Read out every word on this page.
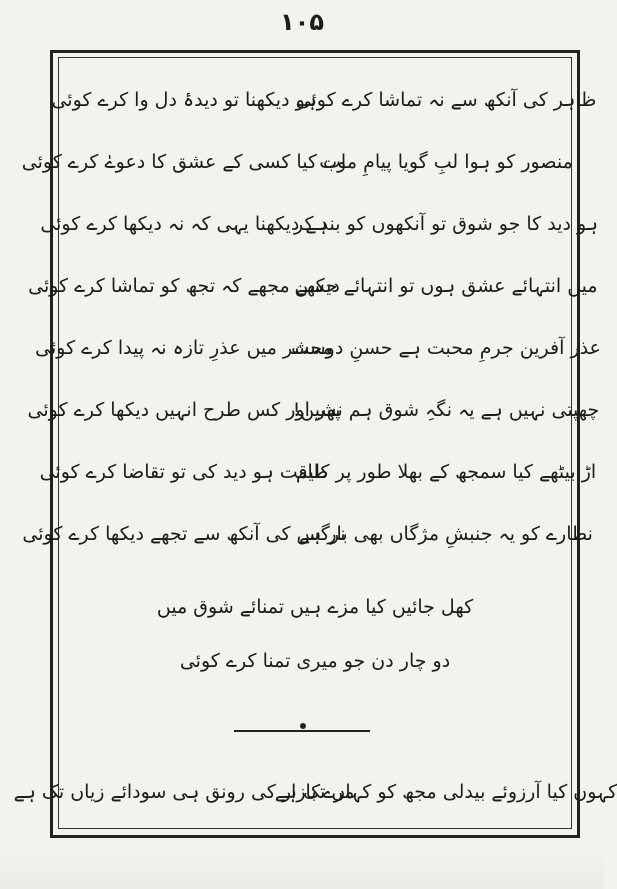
۱۰۵
ظاہر کی آنکھ سے نہ تماشا کرے کوئی
ہو دیکھنا تو دیدۂ دل وا کرے کوئی
منصور کو ہوا لبِ گویا پیامِ موت
اب کیا کسی کے عشق کا دعوےٰ کرے کوئی
ہو دید کا جو شوق تو آنکھوں کو بند کر
ہے دیکھنا یہی کہ نہ دیکھا کرے کوئی
میں انتہائے عشق ہوں تو انتہائے حسن
دیکھے مجھے کہ تجھ کو تماشا کرے کوئی
عذر آفرین جرمِ محبت ہے حسنِ دوست
محشر میں عذرِ تازہ نہ پیدا کرے کوئی
چھپتی نہیں ہے یہ نگہِ شوق ہم نشیں!
پھر اور کس طرح انہیں دیکھا کرے کوئی
اڑ بیٹھے کیا سمجھ کے بھلا طور پر کلیم
طاقت ہو دید کی تو تقاضا کرے کوئی
نظارے کو یہ جنبشِ مژگاں بھی بار ہے
نرگس کی آنکھ سے تجھے دیکھا کرے کوئی
کھل جائیں کیا مزے ہیں تمنائے شوق میں
دو چار دن جو میری تمنا کرے کوئی
کہوں کیا آرزوئے بیدلی مجھ کو کہاں تک ہے
مرے بازار کی رونق ہی سودائے زیاں تک ہے
